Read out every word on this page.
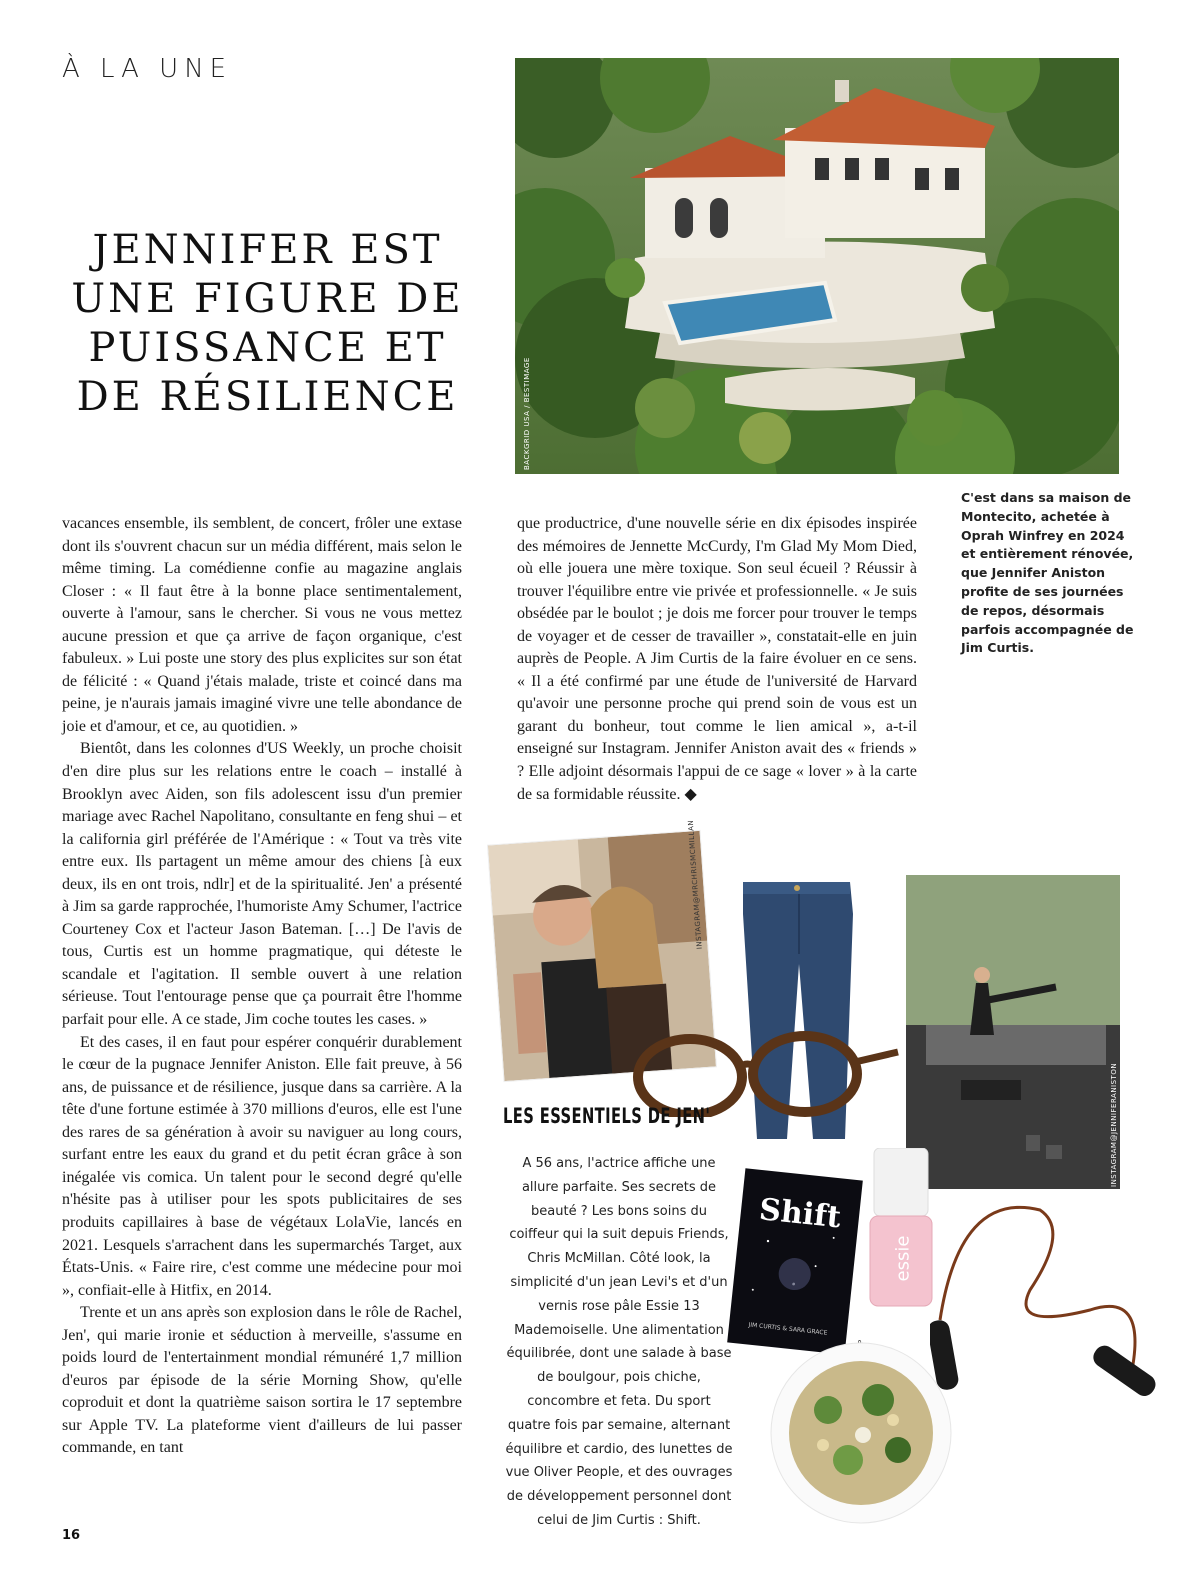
À LA UNE
JENNIFER EST
UNE FIGURE DE
PUISSANCE ET
DE RÉSILIENCE	BACKGRID USA / BESTIMAGE
C'est dans sa maison de Montecito, achetée à Oprah Winfrey en 2024 et entièrement rénovée, que Jennifer Aniston profite de ses journées de repos, désormais parfois accompagnée de Jim Curtis.

vacances ensemble, ils semblent, de concert, frôler une extase dont ils s'ouvrent chacun sur un média différent, mais selon le même timing. La comédienne confie au magazine anglais Closer : « Il faut être à la bonne place sentimentalement, ouverte à l'amour, sans le chercher. Si vous ne vous mettez aucune pression et que ça arrive de façon organique, c'est fabuleux. » Lui poste une story des plus explicites sur son état de félicité : « Quand j'étais malade, triste et coincé dans ma peine, je n'aurais jamais imaginé vivre une telle abondance de joie et d'amour, et ce, au quotidien. »

Bientôt, dans les colonnes d'US Weekly, un proche choisit d'en dire plus sur les relations entre le coach – installé à Brooklyn avec Aiden, son fils adolescent issu d'un premier mariage avec Rachel Napolitano, consultante en feng shui – et la california girl préférée de l'Amérique : « Tout va très vite entre eux. Ils partagent un même amour des chiens [à eux deux, ils en ont trois, ndlr] et de la spiritualité. Jen' a présenté à Jim sa garde rapprochée, l'humoriste Amy Schumer, l'actrice Courteney Cox et l'acteur Jason Bateman. […] De l'avis de tous, Curtis est un homme pragmatique, qui déteste le scandale et l'agitation. Il semble ouvert à une relation sérieuse. Tout l'entourage pense que ça pourrait être l'homme parfait pour elle. A ce stade, Jim coche toutes les cases. »

Et des cases, il en faut pour espérer conquérir durablement le cœur de la pugnace Jennifer Aniston. Elle fait preuve, à 56 ans, de puissance et de résilience, jusque dans sa carrière. A la tête d'une fortune estimée à 370 millions d'euros, elle est l'une des rares de sa génération à avoir su naviguer au long cours, surfant entre les eaux du grand et du petit écran grâce à son inégalée vis comica. Un talent pour le second degré qu'elle n'hésite pas à utiliser pour les spots publicitaires de ses produits capillaires à base de végétaux LolaVie, lancés en 2021. Lesquels s'arrachent dans les supermarchés Target, aux États-Unis. « Faire rire, c'est comme une médecine pour moi », confiait-elle à Hitfix, en 2014.

Trente et un ans après son explosion dans le rôle de Rachel, Jen', qui marie ironie et séduction à merveille, s'assume en poids lourd de l'entertainment mondial rémunéré 1,7 million d'euros par épisode de la série Morning Show, qu'elle coproduit et dont la quatrième saison sortira le 17 septembre sur Apple TV. La plateforme vient d'ailleurs de lui passer commande, en tant

que productrice, d'une nouvelle série en dix épisodes inspirée des mémoires de Jennette McCurdy, I'm Glad My Mom Died, où elle jouera une mère toxique. Son seul écueil ? Réussir à trouver l'équilibre entre vie privée et professionnelle. « Je suis obsédée par le boulot ; je dois me forcer pour trouver le temps de voyager et de cesser de travailler », constatait-elle en juin auprès de People. A Jim Curtis de la faire évoluer en ce sens. « Il a été confirmé par une étude de l'université de Harvard qu'avoir une personne proche qui prend soin de vous est un garant du bonheur, tout comme le lien amical », a-t-il enseigné sur Instagram. Jennifer Aniston avait des « friends » ? Elle adjoint désormais l'appui de ce sage « lover » à la carte de sa formidable réussite. ◆

INSTAGRAM@MRCHRISMCMILLAN
LES ESSENTIELS DE JEN'
A 56 ans, l'actrice affiche une allure parfaite. Ses secrets de beauté ? Les bons soins du coiffeur qui la suit depuis Friends, Chris McMillan. Côté look, la simplicité d'un jean Levi's et d'un vernis rose pâle Essie 13 Mademoiselle. Une alimentation équilibrée, dont une salade à base de boulgour, pois chiche, concombre et feta. Du sport quatre fois par semaine, alternant équilibre et cardio, des lunettes de vue Oliver People, et des ouvrages de développement personnel dont celui de Jim Curtis : Shift.
INSTAGRAM@JENNIFERANISTON
Shift
JIM CURTIS & SARA GRACE
essie
16
